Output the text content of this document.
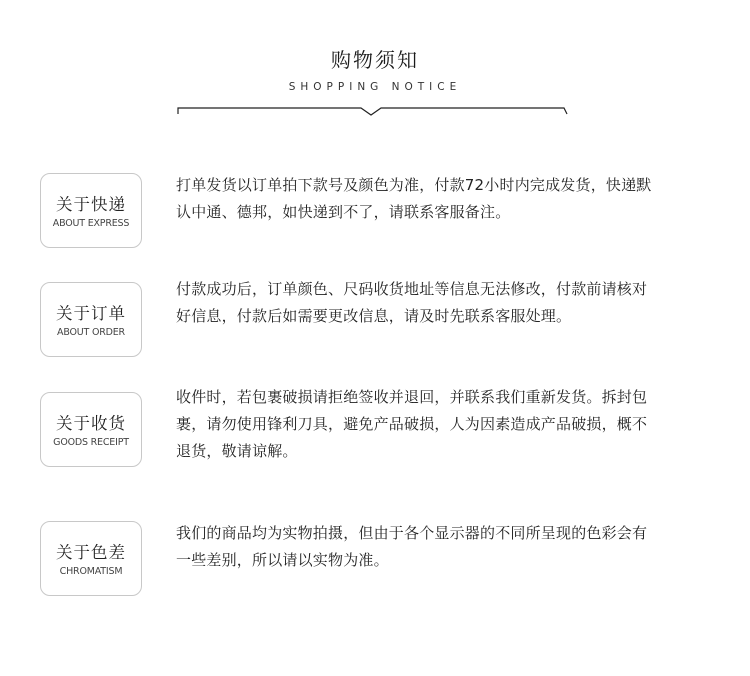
购物须知
SHOPPING NOTICE
关于快递
ABOUT EXPRESS
打单发货以订单拍下款号及颜色为准，付款72小时内完成发货，快递默
认中通、德邦，如快递到不了，请联系客服备注。
关于订单
ABOUT ORDER
付款成功后，订单颜色、尺码收货地址等信息无法修改，付款前请核对
好信息，付款后如需要更改信息，请及时先联系客服处理。
关于收货
GOODS RECEIPT
收件时，若包裹破损请拒绝签收并退回，并联系我们重新发货。拆封包
裹，请勿使用锋利刀具，避免产品破损，人为因素造成产品破损，概不
退货，敬请谅解。
关于色差
CHROMATISM
我们的商品均为实物拍摄，但由于各个显示器的不同所呈现的色彩会有
一些差别，所以请以实物为准。
